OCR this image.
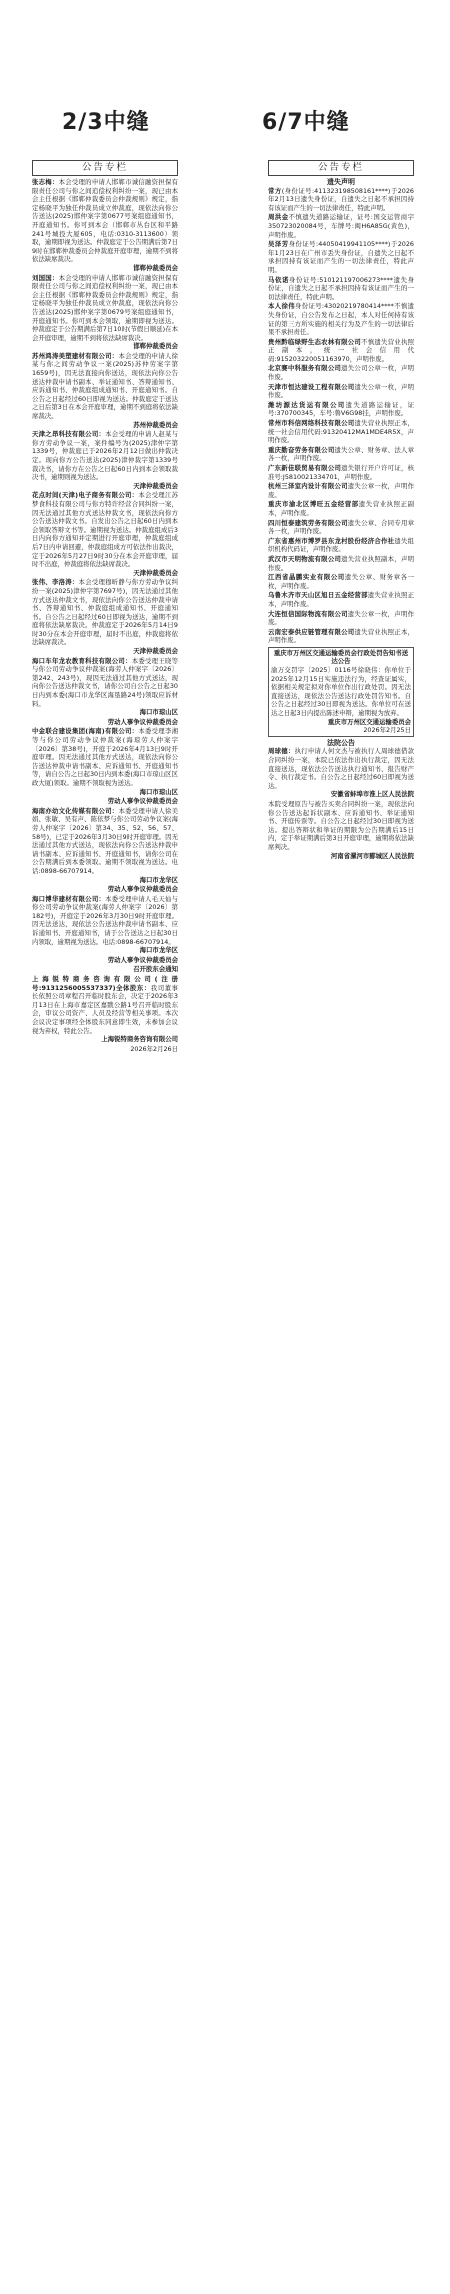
2/3中缝	6/7中缝
公告专栏

张志梅：本会受理的申请人邯郸市诚信融资担保有限责任公司与你之间追偿权利纠纷一案，现已由本会主任根据《邯郸仲裁委员会仲裁规则》规定，指定杨晓平为独任仲裁员成立仲裁庭，现依法向你公告送达(2025)邯仲案字第0677号案组庭通知书，开庭通知书。你可到本会（邯郸市丛台区和平路241号城投大厦605，电话:0310-3113600）领取，逾期即视为送达。仲裁庭定于公告期满后第7日9时在邯郸仲裁委员会仲裁庭开庭审理，逾期不到将依法缺席裁决。

邯郸仲裁委员会

刘国国：本会受理的申请人邯郸市诚信融资担保有限责任公司与你之间追偿权利纠纷一案，现已由本会主任根据《邯郸仲裁委员会仲裁规则》规定，指定杨晓平为独任仲裁员成立仲裁庭，现依法向你公告送达(2025)邯仲案字第0679号案组庭通知书，开庭通知书。你可到本会领取，逾期即视为送达。仲裁庭定于公告期满后第7日10时(节假日顺延)在本会开庭审理，逾期不到将依法缺席裁决。

邯郸仲裁委员会

苏州鸿涛美塑建材有限公司：本会受理的申请人徐某与你之间劳动争议一案(2025)苏仲劳案字第1659号)，因无法直接向你送达，现依法向你公告送达仲裁申请书副本、举证通知书、答辩通知书、应诉通知书、仲裁庭组成通知书、开庭通知书。自公告之日起经过60日即视为送达。仲裁庭定于送达之日后第3日在本会开庭审理，逾期不到庭将依法缺席裁决。

苏州仲裁委员会

天津之昂科技有限公司：本会受理的申请人赵某与你方劳动争议一案，案件编号为(2025)津仲字第1339号，仲裁庭已于2026年2月12日做出仲裁决定。现向你方公告送达(2025)津仲裁字第1339号裁决书，请你方在公告之日起60日内到本会领取裁决书，逾期则视为送达。

天津仲裁委员会

花点时间(天津)电子商务有限公司：本会受理江苏梦食科技有限公司与你方特许经营合同纠纷一案，因无法通过其他方式送达仲裁文书，现依法向你方公告送达仲裁文书。自发出公告之日起60日内到本会领取答辩文书等。逾期视为送达。仲裁庭组成后3日内向你方通知并定期进行开庭审理，仲裁庭组成后7日内申请回避，仲裁庭组成方可依法作出裁决，定于2026年5月27日9时30分在本会开庭审理，届时不出庭，仲裁庭将依法缺席裁决。

天津仲裁委员会

张伟、李洛涛：本会受理穆昕静与你方劳动争议纠纷一案(2025)津仲字第7697号)，因无法通过其他方式送达仲裁文书，现依法向你公告送达仲裁申请书、答辩通知书、仲裁庭组成通知书、开庭通知书。自公告之日起经过60日即视为送达，逾期不到庭将依法缺席裁决。仲裁庭定于2026年5月14日9时30分在本会开庭审理，届时不出庭，仲裁庭将依法缺席裁决。

天津仲裁委员会

海口车年龙农教育科技有限公司：本委受理王晓等与你公司劳动争议仲裁案(海劳人仲案字〔2026〕第242、243号)，现因无法通过其他方式送达，现向你公告送达仲裁文书，请你公司自公告之日起30日内到本委(海口市龙华区海垦路24号)领取应诉材料。

海口市琼山区

劳动人事争议仲裁委员会

中金联合建设集团(海南)有限公司：本委受理李湘等与你公司劳动争议仲裁案(海琼劳人仲案字〔2026〕第38号)，开庭于2026年4月13日9时开庭审理。因无法通过其他方式送达，现依法向你公告送达仲裁申请书副本、应诉通知书、开庭通知书等，请自公告之日起30日内到本委(海口市琼山区区政大厦)领取。逾期不领取视为送达。

海口市琼山区

劳动人事争议仲裁委员会

海南亦幼文化传媒有限公司：本委受理申请人徐美娟、张敏、吴有声、陈依梦与你公司劳动争议案(海劳人仲案字〔2026〕第34、35、52、56、57、58号)，已定于2026年3月30日9时开庭审理。因无法通过其他方式送达，现依法向你公告送达仲裁申请书副本、应诉通知书、开庭通知书，请你公司在公告期满后到本委领取。逾期不领取视为送达。电话:0898-66707914。

海口市龙华区

劳动人事争议仲裁委员会

海口博华建材有限公司：本委受理申请人毛天仙与你公司劳动争议仲裁案(海劳人仲案字〔2026〕第182号)，开庭定于2026年3月30日9时开庭审理。因无法送达，现依法公告送达仲裁申请书副本、应诉通知书、开庭通知书，请于公告送达之日起30日内领取，逾期视为送达。电话:0898-66707914。

海口市龙华区

劳动人事争议仲裁委员会

召开股东会通知

上海锐特商务咨询有限公司(注册号:9131256005537337)全体股东：我司董事长依照公司章程召开临时股东会，决定于2026年3月13日在上海市嘉定区嘉戬公路1号召开临时股东会，审议公司资产、人员及经营等相关事项。本次会议决定事项经全体股东同意即生效，未参加会议视为弃权，特此公告。

上海锐特商务咨询有限公司
2026年2月26日
公告专栏
遗失声明

常方(身份证号:411323198508161****)于2026年2月13日遗失身份证，自遗失之日起不承担因持有该证而产生的一切法律责任，特此声明。

周洪金不慎遗失道路运输证，证号:国交运管商字350723020084号，车牌号:闽H6A85G(黄色)，声明作废。

吴泽芳身份证号:44050419941105****)于2026年1月23日在广州市丢失身份证，自遗失之日起不承担因持有该证而产生的一切法律责任，特此声明。

马依诺身份证号:510121197006273****遗失身份证，自遗失之日起不承担因持有该证而产生的一切法律责任，特此声明。

本人徐伟身份证号:43020219780414****不慎遗失身份证，自公告发布之日起，本人对任何持有该证的第三方所实施的相关行为及产生的一切法律后果不承担责任。

贵州黔临绿野生态农林有限公司不慎遗失营业执照正副本，统一社会信用代码:915203220051163970，声明作废。

北京赛中科服务有限公司遗失公司公章一枚，声明作废。

天津市恒达建设工程有限公司遗失公章一枚，声明作废。

潍坊源达货运有限公司遗失道路运输证，证号:370700345，车号:鲁V6G98挂，声明作废。

常州市科信网络科技有限公司遗失营业执照正本，统一社会信用代码:91320412MA1MDE4R5X，声明作废。

重庆勤奋劳务有限公司遗失公章、财务章、法人章各一枚，声明作废。

广东新佳联贸易有限公司遗失银行开户许可证，核准号:J5810021334701，声明作废。

杭州三泽室内设计有限公司遗失公章一枚，声明作废。

重庆市渝北区博旺五金经营部遗失营业执照正副本，声明作废。

四川恒泰建筑劳务有限公司遗失公章、合同专用章各一枚，声明作废。

广东省惠州市博罗县东龙村股份经济合作社遗失组织机构代码证，声明作废。

武汉市天明物流有限公司遗失营业执照副本，声明作废。

江西省晶鹏实业有限公司遗失公章、财务章各一枚，声明作废。

乌鲁木齐市天山区旭日五金经营部遗失营业执照正本，声明作废。

大连恒信国际物流有限公司遗失公章一枚，声明作废。

云南宏泰供应链管理有限公司遗失营业执照正本，声明作废。

重庆市万州区交通运输委员会行政处罚告知书送达公告

渝万交罚字〔2025〕0116号徐晓伟：你单位于2025年12月15日实施违法行为，经查证属实，依据相关规定拟对你单位作出行政处罚。因无法直接送达，现依法公告送达行政处罚告知书。自公告之日起经过30日即视为送达。你单位可在送达之日起3日内提出陈述申辩，逾期视为放弃。

重庆市万州区交通运输委员会
2026年2月25日
法院公告

周球德：执行申请人何文杰与被执行人周球德借款合同纠纷一案，本院已依法作出执行裁定，因无法直接送达，现依法公告送达执行通知书、报告财产令、执行裁定书。自公告之日起经过60日即视为送达。

安徽省蚌埠市淮上区人民法院

本院受理原告与被告买卖合同纠纷一案，现依法向你公告送达起诉状副本、应诉通知书、举证通知书、开庭传票等。自公告之日起经过30日即视为送达。提出答辩状和举证的期限为公告期满后15日内，定于举证期满后第3日开庭审理，逾期将依法缺席判决。

河南省漯河市郾城区人民法院
